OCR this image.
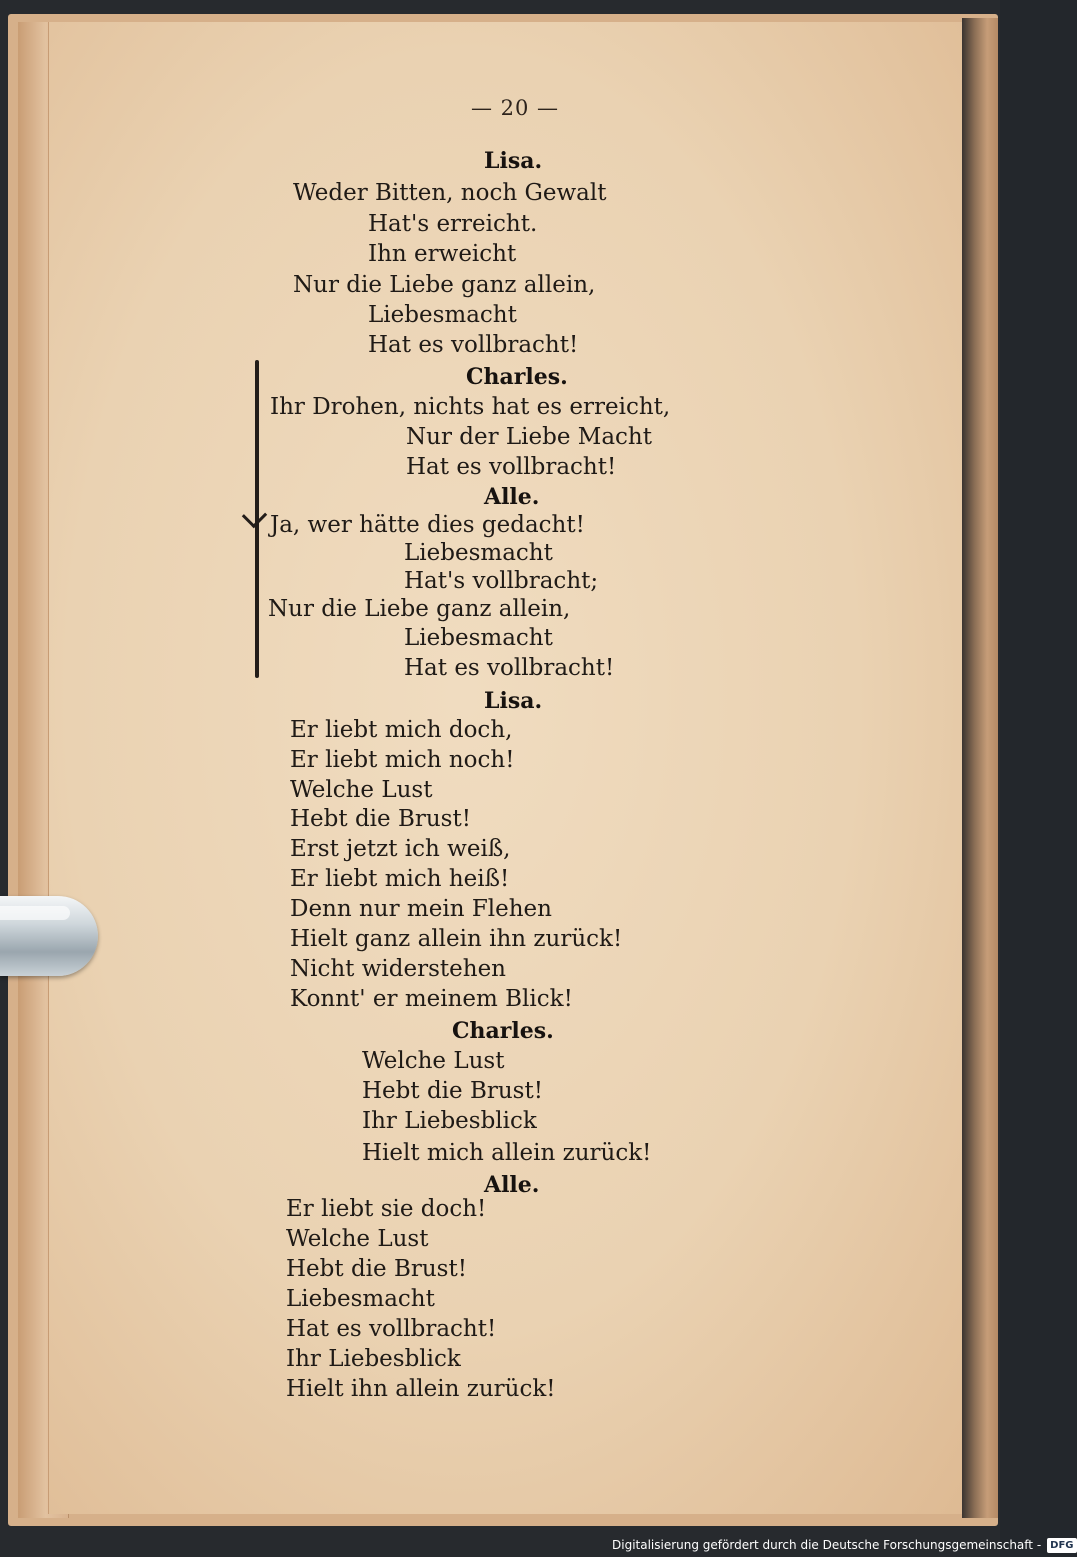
— 20 —
Lisa.
Weder Bitten, noch Gewalt
Hat's erreicht.
Ihn erweicht
Nur die Liebe ganz allein,
Liebesmacht
Hat es vollbracht!
Charles.
Ihr Drohen, nichts hat es erreicht,
Nur der Liebe Macht
Hat es vollbracht!
Alle.
Ja, wer hätte dies gedacht!
Liebesmacht
Hat's vollbracht;
Nur die Liebe ganz allein,
Liebesmacht
Hat es vollbracht!
Lisa.
Er liebt mich doch,
Er liebt mich noch!
Welche Lust
Hebt die Brust!
Erst jetzt ich weiß,
Er liebt mich heiß!
Denn nur mein Flehen
Hielt ganz allein ihn zurück!
Nicht widerstehen
Konnt' er meinem Blick!
Charles.
Welche Lust
Hebt die Brust!
Ihr Liebesblick
Hielt mich allein zurück!
Alle.
Er liebt sie doch!
Welche Lust
Hebt die Brust!
Liebesmacht
Hat es vollbracht!
Ihr Liebesblick
Hielt ihn allein zurück!
Digitalisierung gefördert durch die Deutsche Forschungsgemeinschaft - DFG
